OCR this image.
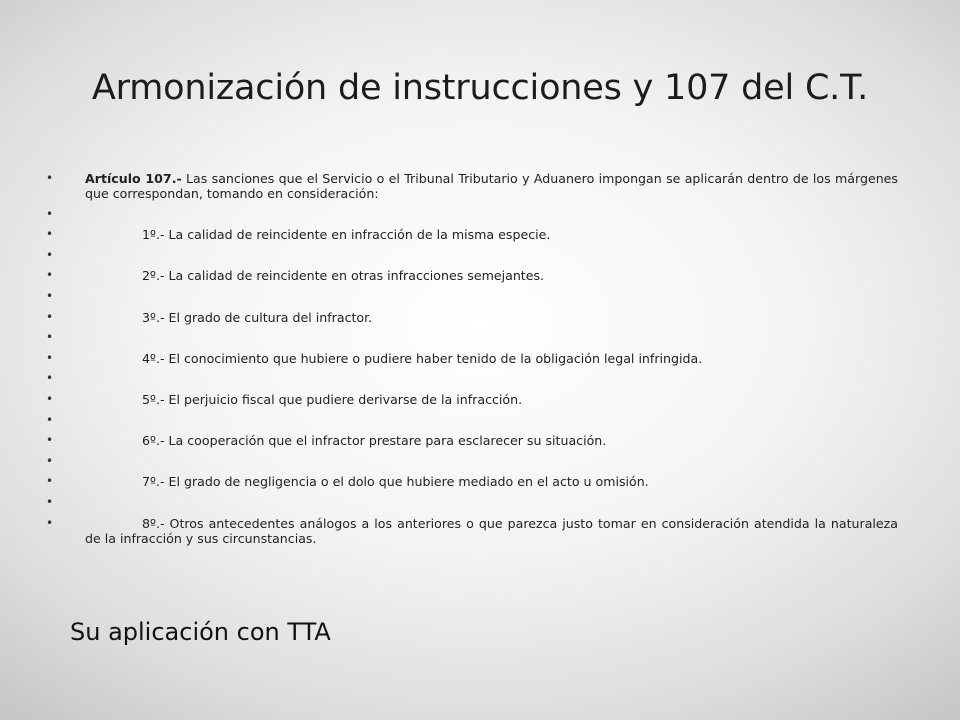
Armonización de instrucciones y 107 del C.T.
• Artículo 107.- Las sanciones que el Servicio o el Tribunal Tributario y Aduanero impongan se aplicarán dentro de los márgenes que correspondan, tomando en consideración:
•
• 1º.- La calidad de reincidente en infracción de la misma especie.
•
• 2º.- La calidad de reincidente en otras infracciones semejantes.
•
• 3º.- El grado de cultura del infractor.
•
• 4º.- El conocimiento que hubiere o pudiere haber tenido de la obligación legal infringida.
•
• 5º.- El perjuicio fiscal que pudiere derivarse de la infracción.
•
• 6º.- La cooperación que el infractor prestare para esclarecer su situación.
•
• 7º.- El grado de negligencia o el dolo que hubiere mediado en el acto u omisión.
•
• 8º.- Otros antecedentes análogos a los anteriores o que parezca justo tomar en consideración atendida la naturaleza de la infracción y sus circunstancias.

Su aplicación con TTA
